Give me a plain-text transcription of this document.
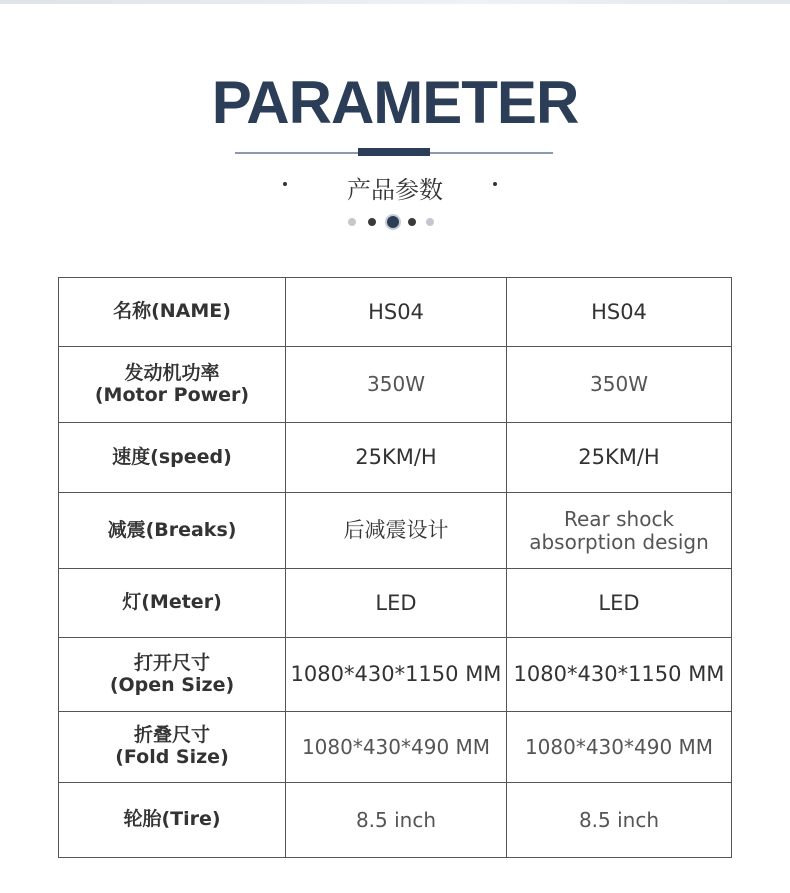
PARAMETER
产品参数
名称(NAME)	HS04	HS04

发动机功率
(Motor Power)	350W	350W
速度(speed)	25KM/H	25KM/H
减震(Breaks)	后减震设计	Rear shock
absorption design

灯(Meter)	LED	LED

打开尺寸
(Open Size)	1080*430*1150 MM	1080*430*1150 MM

折叠尺寸
(Fold Size)	1080*430*490 MM	1080*430*490 MM
轮胎(Tire)	8.5 inch	8.5 inch
